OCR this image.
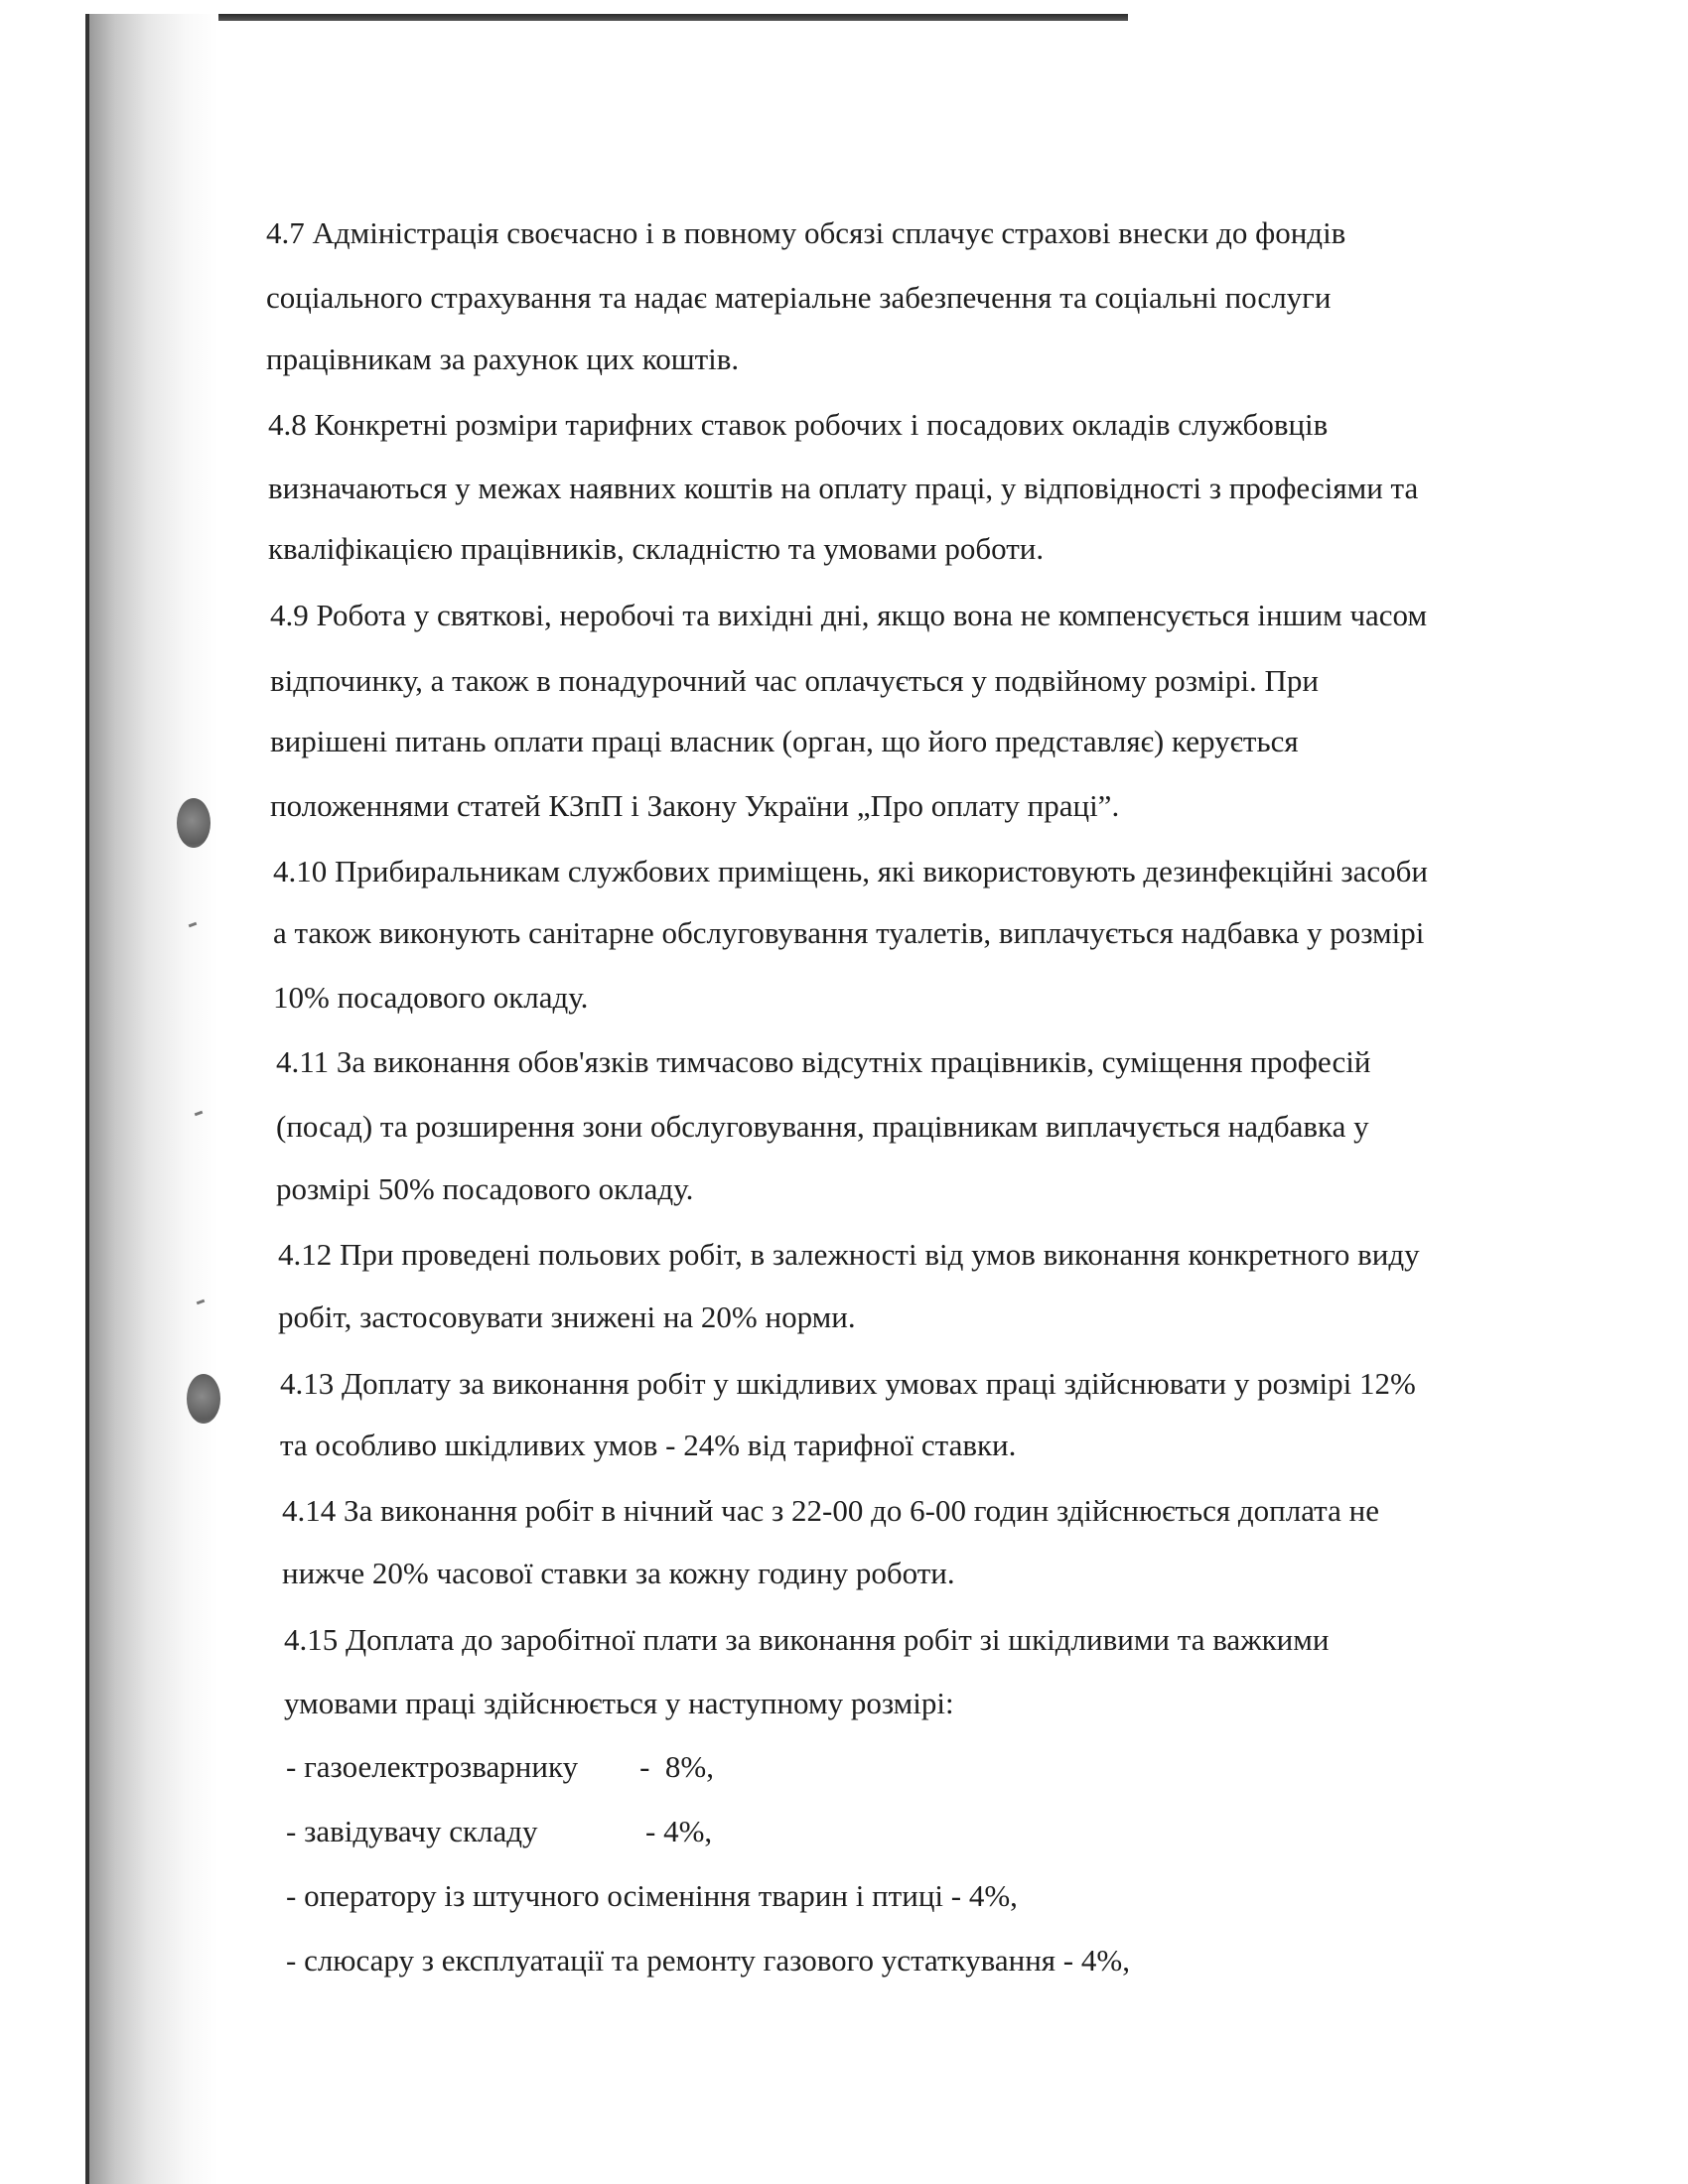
4.7 Адміністрація своєчасно і в повному обсязі сплачує страхові внески до фондів
соціального страхування та надає матеріальне забезпечення та соціальні послуги
працівникам за рахунок цих коштів.
4.8 Конкретні розміри тарифних ставок робочих і посадових окладів службовців
визначаються у межах наявних коштів на оплату праці, у відповідності з професіями та
кваліфікацією працівників, складністю та умовами роботи.
4.9 Робота у святкові, неробочі та вихідні дні, якщо вона не компенсується іншим часом
відпочинку, а також в понадурочний час оплачується у подвійному розмірі. При
вирішені питань оплати праці власник (орган, що його представляє) керується
положеннями статей КЗпП і Закону України „Про оплату праці”.
4.10 Прибиральникам службових приміщень, які використовують дезинфекційні засоби
а також виконують санітарне обслуговування туалетів, виплачується надбавка у розмірі
10% посадового окладу.
4.11 За виконання обов'язків тимчасово відсутніх працівників, суміщення професій
(посад) та розширення зони обслуговування, працівникам виплачується надбавка у
розмірі 50% посадового окладу.
4.12 При проведені польових робіт, в залежності від умов виконання конкретного виду
робіт, застосовувати знижені на 20% норми.
4.13 Доплату за виконання робіт у шкідливих умовах праці здійснювати у розмірі 12%
та особливо шкідливих умов - 24% від тарифної ставки.
4.14 За виконання робіт в нічний час з 22-00 до 6-00 годин здійснюється доплата не
нижче 20% часової ставки за кожну годину роботи.
4.15 Доплата до заробітної плати за виконання робіт зі шкідливими та важкими
умовами праці здійснюється у наступному розмірі:
- газоелектрозварнику        -  8%,
- завідувачу складу              - 4%,
- оператору із штучного осіменіння тварин і птиці - 4%,
- слюсару з експлуатації та ремонту газового устаткування - 4%,
